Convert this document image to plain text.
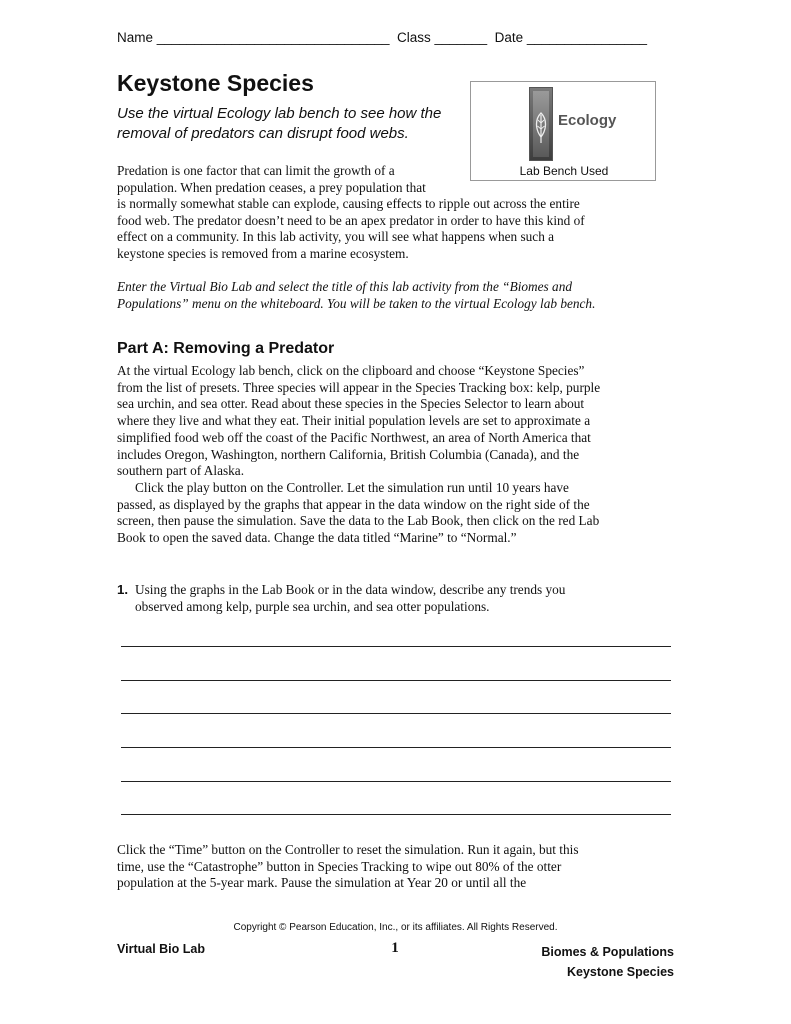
Name _______________________________  Class _______  Date ________________
Keystone Species
Use the virtual Ecology lab bench to see how the removal of predators can disrupt food webs.
Ecology
Lab Bench Used
Predation is one factor that can limit the growth of a
population. When predation ceases, a prey population that
is normally somewhat stable can explode, causing effects to ripple out across the entire food web. The predator doesn’t need to be an apex predator in order to have this kind of effect on a community. In this lab activity, you will see what happens when such a keystone species is removed from a marine ecosystem.
Enter the Virtual Bio Lab and select the title of this lab activity from the “Biomes and Populations” menu on the whiteboard. You will be taken to the virtual Ecology lab bench.
Part A: Removing a Predator
At the virtual Ecology lab bench, click on the clipboard and choose “Keystone Species” from the list of presets. Three species will appear in the Species Tracking box: kelp, purple sea urchin, and sea otter. Read about these species in the Species Selector to learn about where they live and what they eat. Their initial population levels are set to approximate a simplified food web off the coast of the Pacific Northwest, an area of North America that includes Oregon, Washington, northern California, British Columbia (Canada), and the southern part of Alaska.
Click the play button on the Controller. Let the simulation run until 10 years have passed, as displayed by the graphs that appear in the data window on the right side of the screen, then pause the simulation. Save the data to the Lab Book, then click on the red Lab Book to open the saved data. Change the data titled “Marine” to “Normal.”
1. Using the graphs in the Lab Book or in the data window, describe any trends you observed among kelp, purple sea urchin, and sea otter populations.
Click the “Time” button on the Controller to reset the simulation. Run it again, but this time, use the “Catastrophe” button in Species Tracking to wipe out 80% of the otter population at the 5-year mark. Pause the simulation at Year 20 or until all the
Copyright © Pearson Education, Inc., or its affiliates. All Rights Reserved.
Virtual Bio Lab	1	Biomes & Populations
Keystone Species
